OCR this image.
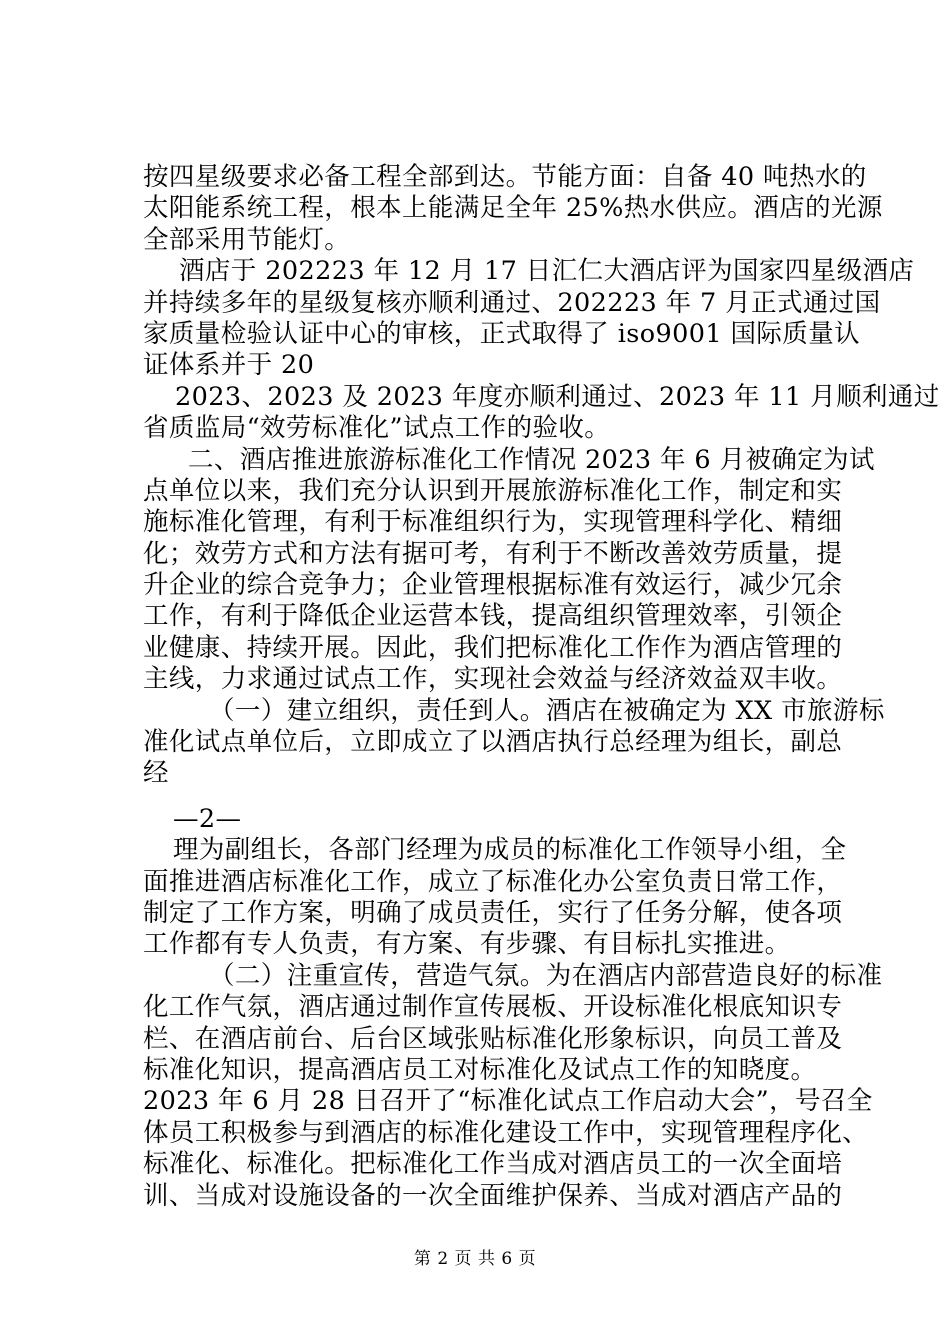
按四星级要求必备工程全部到达。节能方面：自备 40 吨热水的
太阳能系统工程，根本上能满足全年 25%热水供应。酒店的光源
全部采用节能灯。
酒店于 202223 年 12 月 17 日汇仁大酒店评为国家四星级酒店
并持续多年的星级复核亦顺利通过、202223 年 7 月正式通过国
家质量检验认证中心的审核，正式取得了 iso9001 国际质量认
证体系并于 20
2023、2023 及 2023 年度亦顺利通过、2023 年 11 月顺利通过
省质监局“效劳标准化”试点工作的验收。
二、酒店推进旅游标准化工作情况 2023 年 6 月被确定为试
点单位以来，我们充分认识到开展旅游标准化工作，制定和实
施标准化管理，有利于标准组织行为，实现管理科学化、精细
化；效劳方式和方法有据可考，有利于不断改善效劳质量，提
升企业的综合竞争力；企业管理根据标准有效运行，减少冗余
工作，有利于降低企业运营本钱，提高组织管理效率，引领企
业健康、持续开展。因此，我们把标准化工作作为酒店管理的
主线，力求通过试点工作，实现社会效益与经济效益双丰收。
（一）建立组织，责任到人。酒店在被确定为 XX 市旅游标
准化试点单位后，立即成立了以酒店执行总经理为组长，副总
经
—2—
理为副组长，各部门经理为成员的标准化工作领导小组，全
面推进酒店标准化工作，成立了标准化办公室负责日常工作，
制定了工作方案，明确了成员责任，实行了任务分解，使各项
工作都有专人负责，有方案、有步骤、有目标扎实推进。
（二）注重宣传，营造气氛。为在酒店内部营造良好的标准
化工作气氛，酒店通过制作宣传展板、开设标准化根底知识专
栏、在酒店前台、后台区域张贴标准化形象标识，向员工普及
标准化知识，提高酒店员工对标准化及试点工作的知晓度。
2023 年 6 月 28 日召开了“标准化试点工作启动大会”，号召全
体员工积极参与到酒店的标准化建设工作中，实现管理程序化、
标准化、标准化。把标准化工作当成对酒店员工的一次全面培
训、当成对设施设备的一次全面维护保养、当成对酒店产品的
第 2 页 共 6 页
